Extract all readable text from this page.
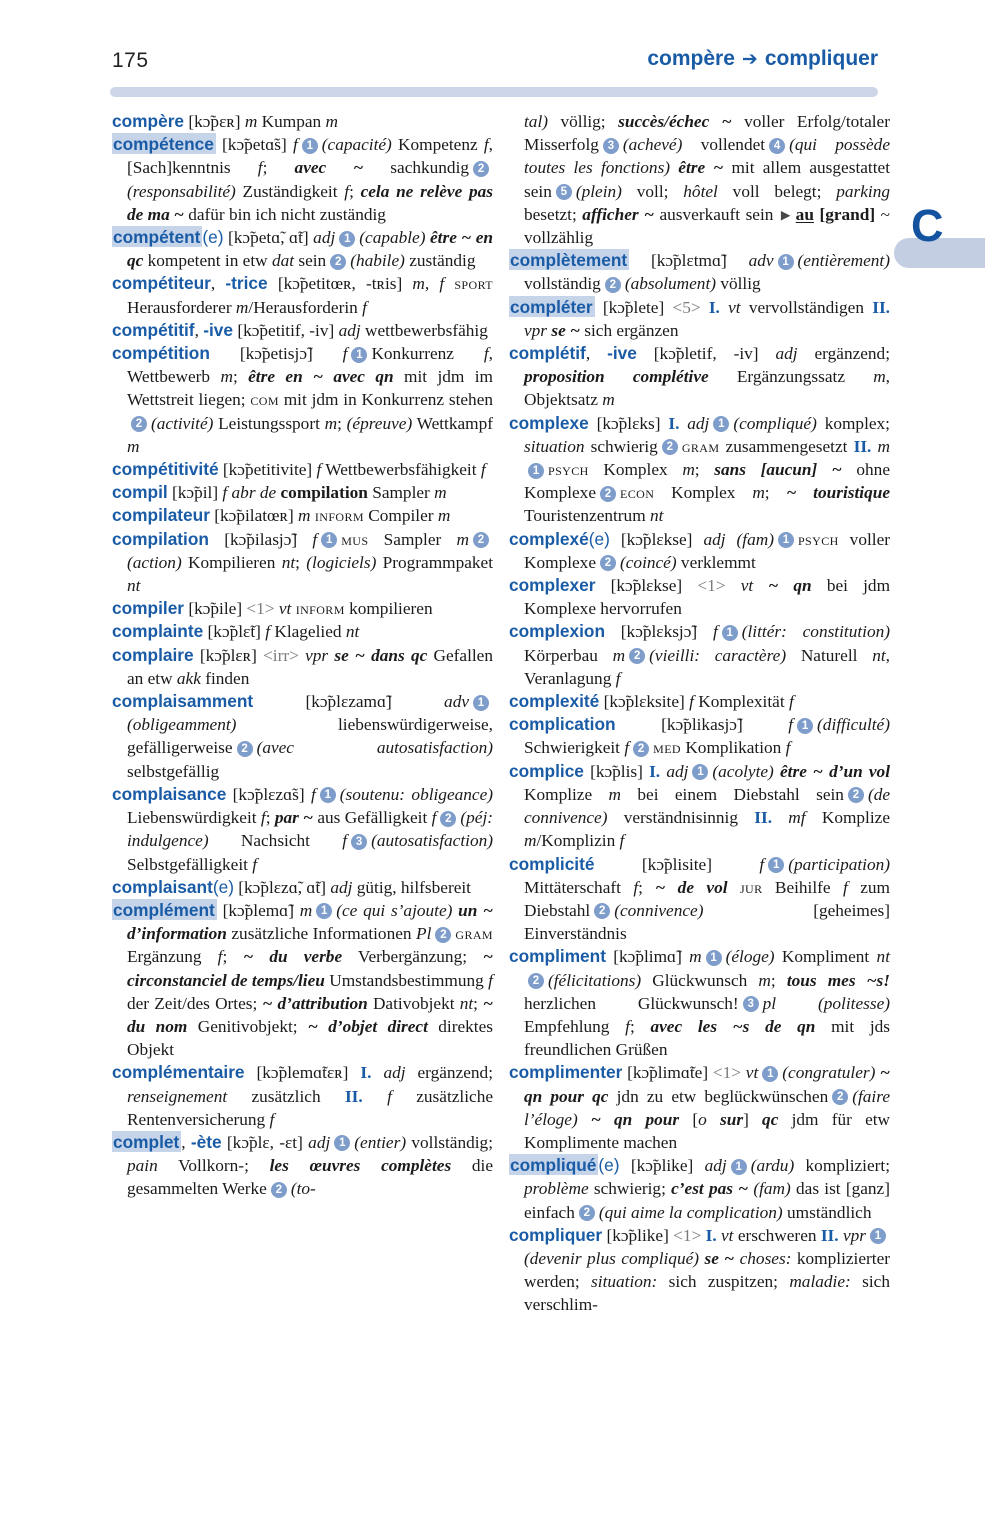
175	compère ➔ compliquer
C

compère [kɔ̃pɛʀ] m Kumpan m

compétence [kɔ̃petɑ̃s] f 1 (capacité) Kompetenz f, [Sach]kenntnis f; avec ~ sachkundig 2(responsabilité) Zuständigkeit f; cela ne relève pas de ma ~ dafür bin ich nicht zuständig

compétent (e) [kɔ̃petɑ̃, ɑ̃t] adj 1 (capable) être ~ en qc kompetent in etw dat sein 2 (habile) zuständig

compétiteur, -trice [kɔ̃petitœʀ, -tʀis] m, f sport Herausforderer m/Herausforderin f

compétitif, -ive [kɔ̃petitif, -iv] adj wettbewerbsfähig

compétition [kɔ̃petisjɔ̃] f 1 Konkurrenz f, Wettbewerb m; être en ~ avec qn mit jdm im Wettstreit liegen; com mit jdm in Konkurrenz stehen2 (activité) Leistungssport m; (épreuve) Wettkampf m

compétitivité [kɔ̃petitivite] f Wettbewerbsfähigkeit f

compil [kɔ̃pil] f abr de compilation Sampler m

compilateur [kɔ̃pilatœʀ] m inform Compiler m

compilation [kɔ̃pilasjɔ̃] f 1 mus Sampler m 2(action) Kompilieren nt; (logiciels) Programmpaket nt

compiler [kɔ̃pile] <1> vt inform kompilieren

complainte [kɔ̃plɛ̃t] f Klagelied nt

complaire [kɔ̃plɛʀ] <irr> vpr se ~ dans qc Gefallen an etw akk finden

complaisamment [kɔ̃plɛzamɑ̃] adv 1(obligeamment) liebenswürdigerweise, gefälligerweise 2 (avec autosatisfaction) selbstgefällig

complaisance [kɔ̃plɛzɑ̃s] f 1 (soutenu: obligeance) Liebenswürdigkeit f; par ~ aus Gefälligkeit f 2 (péj: indulgence) Nachsicht f 3 (autosatisfaction) Selbstgefälligkeit f

complaisant(e) [kɔ̃plɛzɑ̃, ɑ̃t] adj gütig, hilfsbereit

complément [kɔ̃plemɑ̃] m 1 (ce qui s’ajoute) un ~ d’information zusätzliche Informationen Pl 2 gram Ergänzung f; ~ du verbe Verbergänzung; ~ circonstanciel de temps/lieu Umstandsbestimmung f der Zeit/des Ortes; ~ d’attribution Dativobjekt nt; ~ du nom Genitivobjekt; ~ d’objet direct direktes Objekt

complémentaire [kɔ̃plemɑ̃tɛʀ] I. adj ergänzend; renseignement zusätzlich II. f zusätzliche Rentenversicherung f

complet , -ète [kɔ̃plɛ, -ɛt] adj 1 (entier) vollständig; pain Vollkorn-; les œuvres complètes die gesammelten Werke 2 (to-

tal) völlig; succès/échec ~ voller Erfolg/totaler Misserfolg 3 (achevé) vollendet 4 (qui possède toutes les fonctions) être ~ mit allem ausgestattet sein 5 (plein) voll; hôtel voll belegt; parking besetzt; afficher ~ ausverkauft sein ▶ au [grand] ~ vollzählig

complètement [kɔ̃plɛtmɑ̃] adv 1 (entièrement) vollständig 2 (absolument) völlig

compléter [kɔ̃plete] <5> I. vt vervollständigen II. vpr se ~ sich ergänzen

complétif, -ive [kɔ̃pletif, -iv] adj ergänzend; proposition complétive Ergänzungssatz m, Objektsatz m

complexe [kɔ̃plɛks] I. adj 1 (compliqué) komplex; situation schwierig 2 gram zusammengesetzt II. m1 psych Komplex m; sans [aucun] ~ ohne Komplexe 2 econ Komplex m; ~ touristique Touristenzentrum nt

complexé(e) [kɔ̃plɛkse] adj (fam) 1 psych voller Komplexe 2 (coincé) verklemmt

complexer [kɔ̃plɛkse] <1> vt ~ qn bei jdm Komplexe hervorrufen

complexion [kɔ̃plɛksjɔ̃] f 1 (littér: constitution) Körperbau m 2 (vieilli: caractère) Naturell nt, Veranlagung f

complexité [kɔ̃plɛksite] f Komplexität f

complication [kɔ̃plikasjɔ̃] f 1 (difficulté) Schwierigkeit f 2 med Komplikation f

complice [kɔ̃plis] I. adj 1 (acolyte) être ~ d’un vol Komplize m bei einem Diebstahl sein 2 (de connivence) verständnisinnig II. mf Komplize m/Komplizin f

complicité [kɔ̃plisite] f 1 (participation) Mittäterschaft f; ~ de vol jur Beihilfe f zum Diebstahl 2 (connivence) [geheimes] Einverständnis

compliment [kɔ̃plimɑ̃] m 1 (éloge) Kompliment nt2 (félicitations) Glückwunsch m; tous mes ~s! herzlichen Glückwunsch! 3 pl (politesse) Empfehlung f; avec les ~s de qn mit jds freundlichen Grüßen

complimenter [kɔ̃plimɑ̃te] <1> vt 1 (congratuler) ~ qn pour qc jdn zu etw beglückwünschen 2 (faire l’éloge) ~ qn pour [o sur] qc jdm für etw Komplimente machen

compliqué (e) [kɔ̃plike] adj 1 (ardu) kompliziert; problème schwierig; c’est pas ~ (fam) das ist [ganz] einfach 2 (qui aime la complication) umständlich

compliquer [kɔ̃plike] <1> I. vt erschweren II. vpr 1(devenir plus compliqué) se ~ choses: komplizierter werden; situation: sich zuspitzen; maladie: sich verschlim-
